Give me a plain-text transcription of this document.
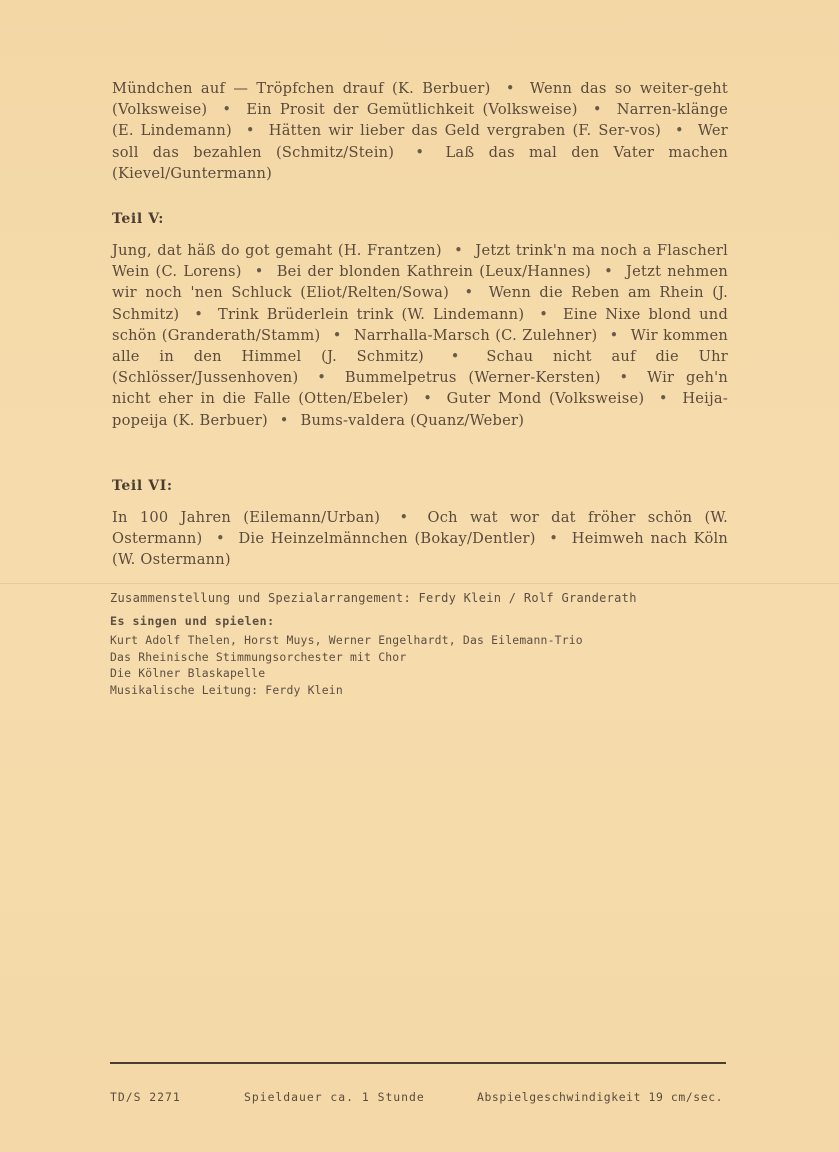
Mündchen auf — Tröpfchen drauf (K. Berbuer) • Wenn das so weiter-geht (Volksweise) • Ein Prosit der Gemütlichkeit (Volksweise) • Narren-klänge (E. Lindemann) • Hätten wir lieber das Geld vergraben (F. Ser-vos) • Wer soll das bezahlen (Schmitz/Stein) • Laß das mal den Vater machen (Kievel/Guntermann)

Teil V:

Jung, dat häß do got gemaht (H. Frantzen) • Jetzt trink'n ma noch a Flascherl Wein (C. Lorens) • Bei der blonden Kathrein (Leux/Hannes) • Jetzt nehmen wir noch 'nen Schluck (Eliot/Relten/Sowa) • Wenn die Reben am Rhein (J. Schmitz) • Trink Brüderlein trink (W. Lindemann) • Eine Nixe blond und schön (Granderath/Stamm) • Narrhalla-Marsch (C. Zulehner) • Wir kommen alle in den Himmel (J. Schmitz) • Schau nicht auf die Uhr (Schlösser/Jussenhoven) • Bummelpetrus (Werner-Kersten) • Wir geh'n nicht eher in die Falle (Otten/Ebeler) • Guter Mond (Volksweise) • Heija-popeija (K. Berbuer) • Bums-valdera (Quanz/Weber)

Teil VI:

In 100 Jahren (Eilemann/Urban) • Och wat wor dat fröher schön (W. Ostermann) • Die Heinzelmännchen (Bokay/Dentler) • Heimweh nach Köln (W. Ostermann)

Zusammenstellung und Spezialarrangement: Ferdy Klein / Rolf Granderath
Es singen und spielen:
Kurt Adolf Thelen, Horst Muys, Werner Engelhardt, Das Eilemann-Trio
Das Rheinische Stimmungsorchester mit Chor
Die Kölner Blaskapelle
Musikalische Leitung: Ferdy Klein
TD/S 2271	Spieldauer ca. 1 Stunde	Abspielgeschwindigkeit 19 cm/sec.
